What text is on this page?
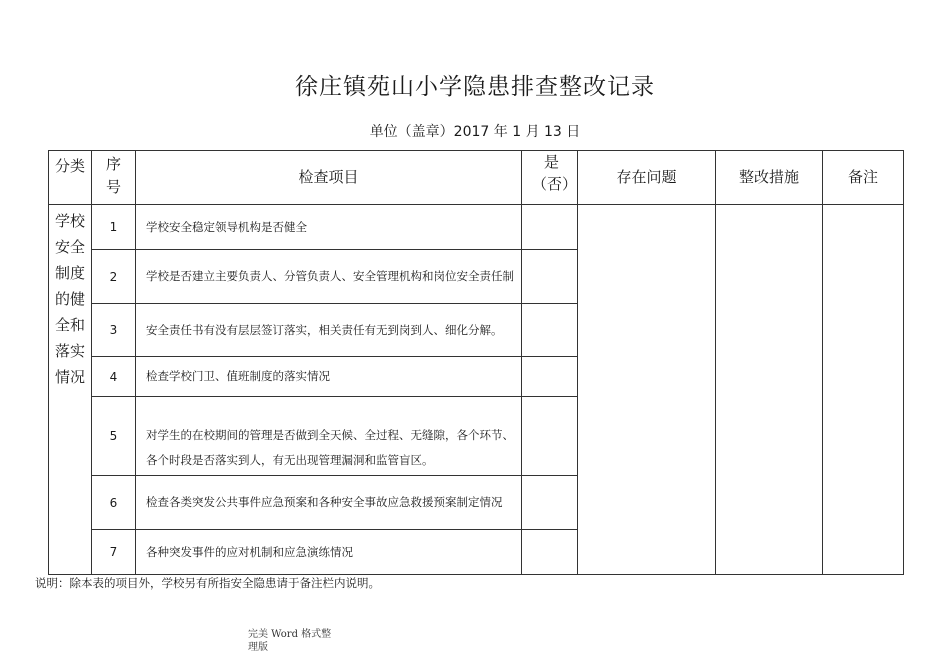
徐庄镇苑山小学隐患排查整改记录
单位（盖章）2017 年 1 月 13 日
分类	序号	检查项目	是（否）	存在问题	整改措施	备注
学校安全制度的健全和落实情况	1	学校安全稳定领导机构是否健全				
	2	学校是否建立主要负责人、分管负责人、安全管理机构和岗位安全责任制				
	3	安全责任书有没有层层签订落实，相关责任有无到岗到人、细化分解。				
	4	检查学校门卫、值班制度的落实情况				
	5	对学生的在校期间的管理是否做到全天候、全过程、无缝隙，各个环节、各个时段是否落实到人，有无出现管理漏洞和监管盲区。				
	6	检查各类突发公共事件应急预案和各种安全事故应急救援预案制定情况				
	7	各种突发事件的应对机制和应急演练情况				
说明：除本表的项目外，学校另有所指安全隐患请于备注栏内说明。
完美 Word 格式整理版
